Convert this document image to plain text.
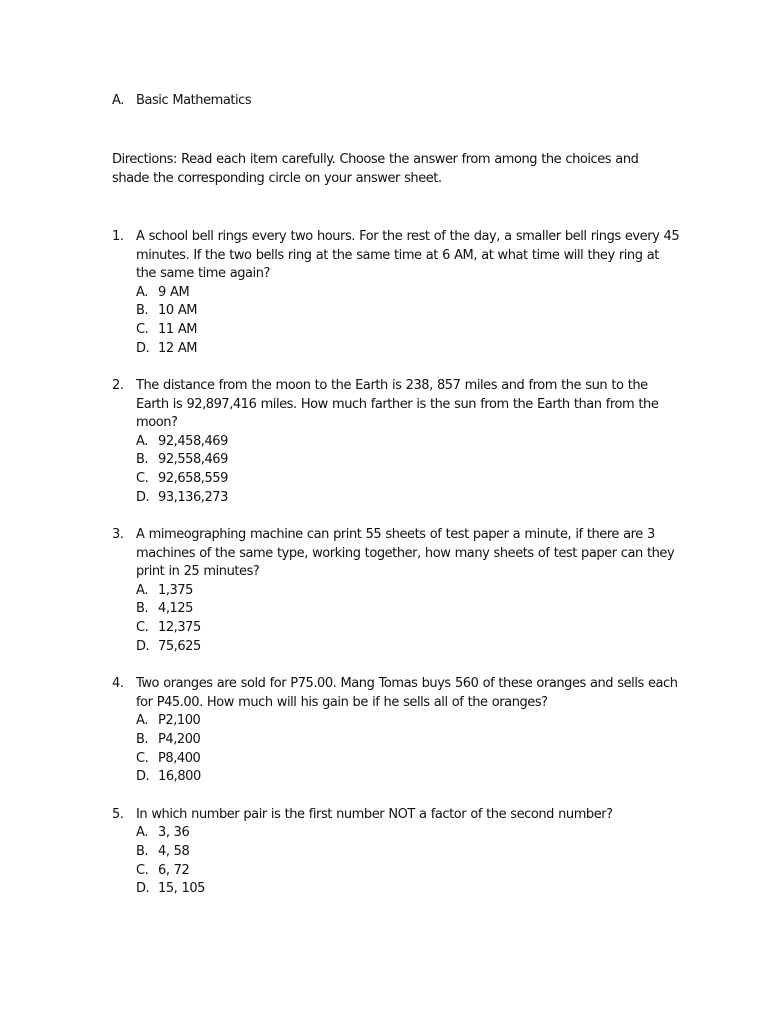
A. Basic Mathematics
Directions: Read each item carefully. Choose the answer from among the choices and shade the corresponding circle on your answer sheet.
1. A school bell rings every two hours. For the rest of the day, a smaller bell rings every 45 minutes. If the two bells ring at the same time at 6 AM, at what time will they ring at the same time again?
A. 9 AM
B. 10 AM
C. 11 AM
D. 12 AM
2. The distance from the moon to the Earth is 238, 857 miles and from the sun to the Earth is 92,897,416 miles. How much farther is the sun from the Earth than from the moon?
A. 92,458,469
B. 92,558,469
C. 92,658,559
D. 93,136,273
3. A mimeographing machine can print 55 sheets of test paper a minute, if there are 3 machines of the same type, working together, how many sheets of test paper can they print in 25 minutes?
A. 1,375
B. 4,125
C. 12,375
D. 75,625
4. Two oranges are sold for P75.00. Mang Tomas buys 560 of these oranges and sells each for P45.00. How much will his gain be if he sells all of the oranges?
A. P2,100
B. P4,200
C. P8,400
D. 16,800
5. In which number pair is the first number NOT a factor of the second number?
A. 3, 36
B. 4, 58
C. 6, 72
D. 15, 105
